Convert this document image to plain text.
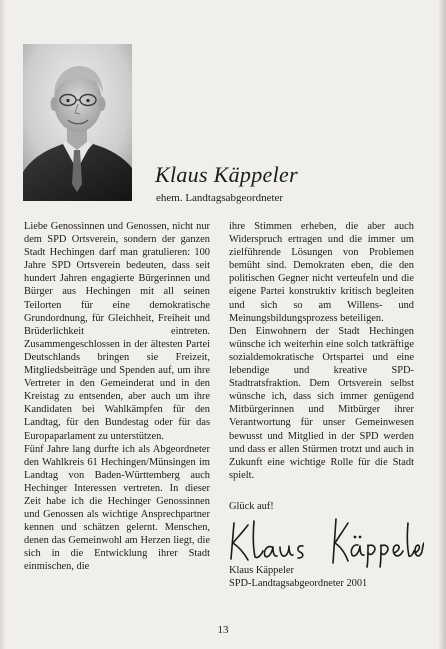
Klaus Käppeler
ehem. Landtagsabgeordneter

Liebe Genossinnen und Genossen, nicht nur dem SPD Ortsverein, sondern der ganzen Stadt Hechingen darf man gratulieren: 100 Jahre SPD Ortsverein bedeuten, dass seit hundert Jahren engagierte Bürgerinnen und Bürger aus Hechingen mit all seinen Teilorten für eine demokratische Grundordnung, für Gleichheit, Freiheit und Brüderlichkeit eintreten. Zusammengeschlossen in der ältesten Partei Deutschlands bringen sie Freizeit, Mitgliedsbeiträge und Spenden auf, um ihre Vertreter in den Gemeinderat und in den Kreistag zu entsenden, aber auch um ihre Kandidaten bei Wahlkämpfen für den Landtag, für den Bundestag oder für das Europaparlament zu unterstützen.

Fünf Jahre lang durfte ich als Abgeordneter den Wahlkreis 61 Hechingen/Münsingen im Landtag von Baden-Württemberg auch Hechinger Interessen vertreten. In dieser Zeit habe ich die Hechinger Genossinnen und Genossen als wichtige Ansprechpartner kennen und schätzen gelernt. Menschen, denen das Gemeinwohl am Herzen liegt, die sich in die Entwicklung ihrer Stadt einmischen, die

ihre Stimmen erheben, die aber auch Widerspruch ertragen und die immer um zielführende Lösungen von Problemen bemüht sind. Demokraten eben, die den politischen Gegner nicht verteufeln und die eigene Partei konstruktiv kritisch begleiten und sich so am Willens- und Meinungsbildungsprozess beteiligen.

Den Einwohnern der Stadt Hechingen wünsche ich weiterhin eine solch tatkräftige sozialdemokratische Ortspartei und eine lebendige und kreative SPD-Stadtratsfraktion. Dem Ortsverein selbst wünsche ich, dass sich immer genügend Mitbürgerinnen und Mitbürger ihrer Verantwortung für unser Gemeinwesen bewusst und Mitglied in der SPD werden und dass er allen Stürmen trotzt und auch in Zukunft eine wichtige Rolle für die Stadt spielt.

Glück auf!
Klaus Käppeler
SPD-Landtagsabgeordneter 2001
13
